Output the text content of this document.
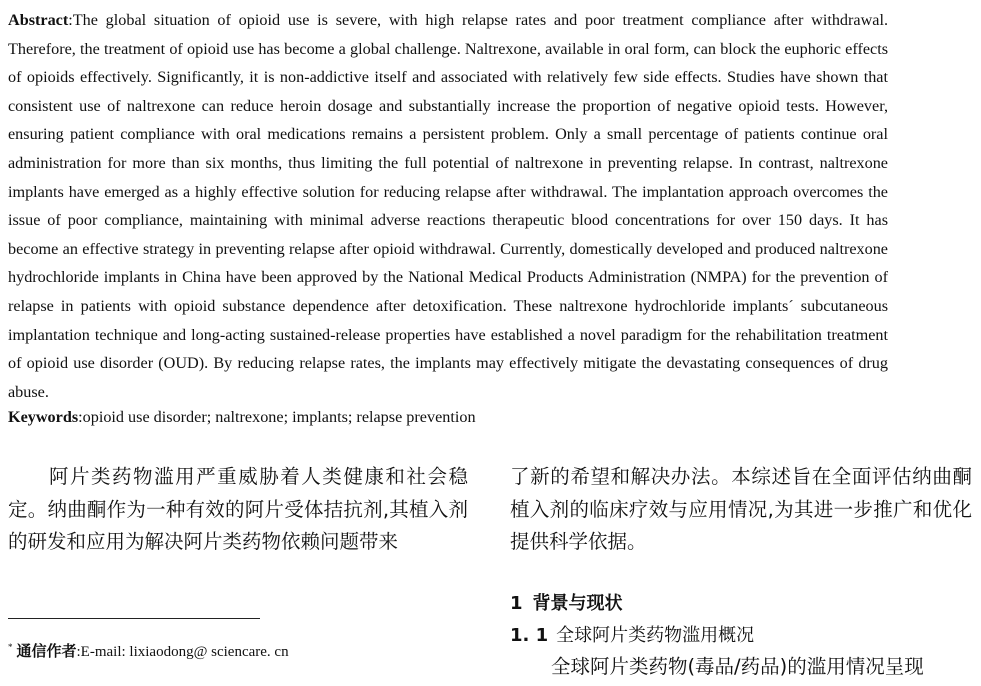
Abstract:The global situation of opioid use is severe, with high relapse rates and poor treatment compliance after withdrawal. Therefore, the treatment of opioid use has become a global challenge. Naltrexone, available in oral form, can block the euphoric effects of opioids effectively. Significantly, it is non-addictive itself and associated with relatively few side effects. Studies have shown that consistent use of naltrexone can reduce heroin dosage and substantially increase the proportion of negative opioid tests. However, ensuring patient compliance with oral medications remains a persistent problem. Only a small percentage of patients continue oral administration for more than six months, thus limiting the full potential of naltrexone in preventing relapse. In contrast, naltrexone implants have emerged as a highly effective solution for reducing relapse after withdrawal. The implantation approach overcomes the issue of poor compliance, maintaining with minimal adverse reactions therapeutic blood concentrations for over 150 days. It has become an effective strategy in preventing relapse after opioid withdrawal. Currently, domestically developed and produced naltrexone hydrochloride implants in China have been approved by the National Medical Products Administration (NMPA) for the prevention of relapse in patients with opioid substance dependence after detoxification. These naltrexone hydrochloride implants´ subcutaneous implantation technique and long-acting sustained-release properties have established a novel paradigm for the rehabilitation treatment of opioid use disorder (OUD). By reducing relapse rates, the implants may effectively mitigate the devastating consequences of drug abuse.

Keywords:opioid use disorder; naltrexone; implants; relapse prevention

阿片类药物滥用严重威胁着人类健康和社会稳定。纳曲酮作为一种有效的阿片受体拮抗剂,其植入剂的研发和应用为解决阿片类药物依赖问题带来

了新的希望和解决办法。本综述旨在全面评估纳曲酮植入剂的临床疗效与应用情况,为其进一步推广和优化提供科学依据。

* 通信作者:E-mail: lixiaodong@ sciencare. cn

1 背景与现状

1. 1 全球阿片类药物滥用概况

全球阿片类药物(毒品/药品)的滥用情况呈现
